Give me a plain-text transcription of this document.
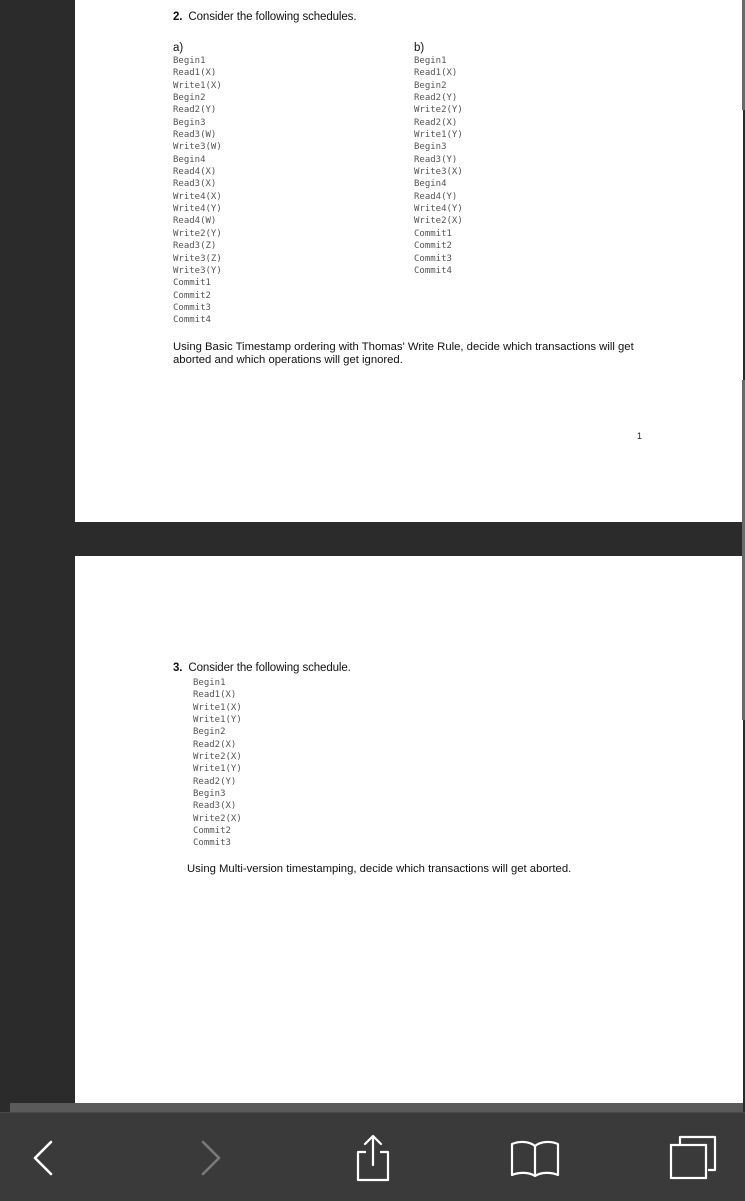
2. Consider the following schedules.
a)
Begin1
Read1(X)
Write1(X)
Begin2
Read2(Y)
Begin3
Read3(W)
Write3(W)
Begin4
Read4(X)
Read3(X)
Write4(X)
Write4(Y)
Read4(W)
Write2(Y)
Read3(Z)
Write3(Z)
Write3(Y)
Commit1
Commit2
Commit3
Commit4
b)
Begin1
Read1(X)
Begin2
Read2(Y)
Write2(Y)
Read2(X)
Write1(Y)
Begin3
Read3(Y)
Write3(X)
Begin4
Read4(Y)
Write4(Y)
Write2(X)
Commit1
Commit2
Commit3
Commit4
Using Basic Timestamp ordering with Thomas' Write Rule, decide which transactions will get aborted and which operations will get ignored.
1
3. Consider the following schedule.
Begin1
Read1(X)
Write1(X)
Write1(Y)
Begin2
Read2(X)
Write2(X)
Write1(Y)
Read2(Y)
Begin3
Read3(X)
Write2(X)
Commit2
Commit3
Using Multi-version timestamping, decide which transactions will get aborted.
